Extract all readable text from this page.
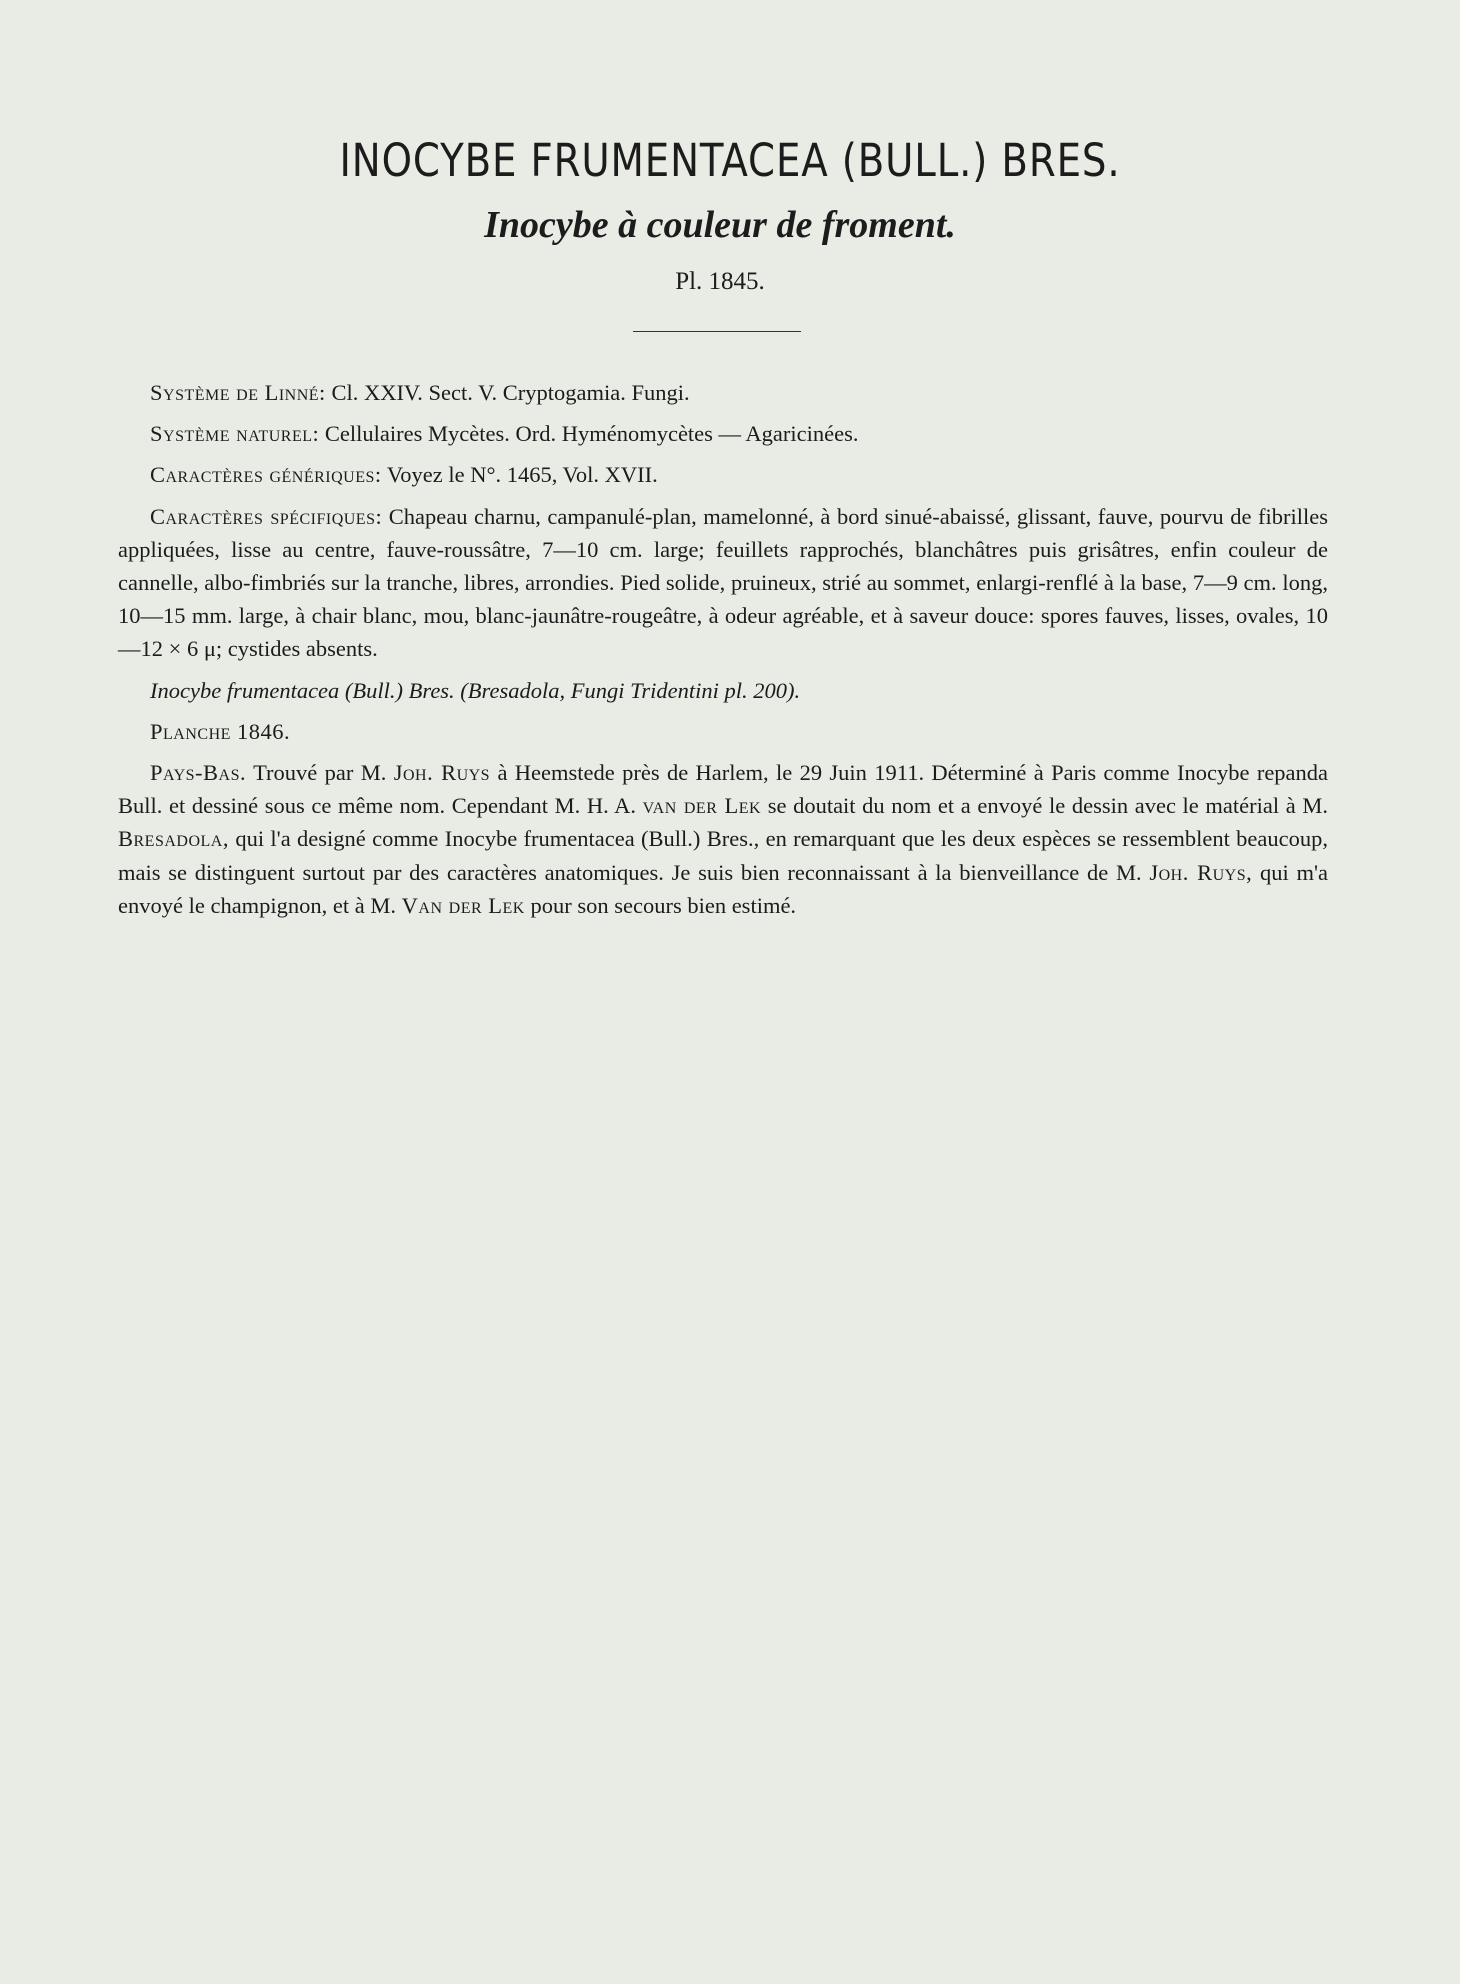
INOCYBE FRUMENTACEA (BULL.) BRES.
Inocybe à couleur de froment.
Pl. 1845.

Système de Linné: Cl. XXIV. Sect. V. Cryptogamia. Fungi.

Système naturel: Cellulaires Mycètes. Ord. Hyménomycètes — Agaricinées.

Caractères génériques: Voyez le N°. 1465, Vol. XVII.

Caractères spécifiques: Chapeau charnu, campanulé-plan, mamelonné, à bord sinué-abaissé, glissant, fauve, pourvu de fibrilles appliquées, lisse au centre, fauve-roussâtre, 7—10 cm. large; feuillets rapprochés, blanchâtres puis grisâtres, enfin couleur de cannelle, albo-fimbriés sur la tranche, libres, arrondies. Pied solide, pruineux, strié au sommet, enlargi-renflé à la base, 7—9 cm. long, 10—15 mm. large, à chair blanc, mou, blanc-jaunâtre-rougeâtre, à odeur agréable, et à saveur douce: spores fauves, lisses, ovales, 10—12 × 6 μ; cystides absents.

Inocybe frumentacea (Bull.) Bres. (Bresadola, Fungi Tridentini pl. 200).

Planche 1846.

Pays-Bas. Trouvé par M. Joh. Ruys à Heemstede près de Harlem, le 29 Juin 1911. Déterminé à Paris comme Inocybe repanda Bull. et dessiné sous ce même nom. Cependant M. H. A. van der Lek se doutait du nom et a envoyé le dessin avec le matérial à M. Bresadola, qui l'a designé comme Inocybe frumentacea (Bull.) Bres., en remarquant que les deux espèces se ressemblent beaucoup, mais se distinguent surtout par des caractères anatomiques. Je suis bien reconnaissant à la bienveillance de M. Joh. Ruys, qui m'a envoyé le champignon, et à M. Van der Lek pour son secours bien estimé.
